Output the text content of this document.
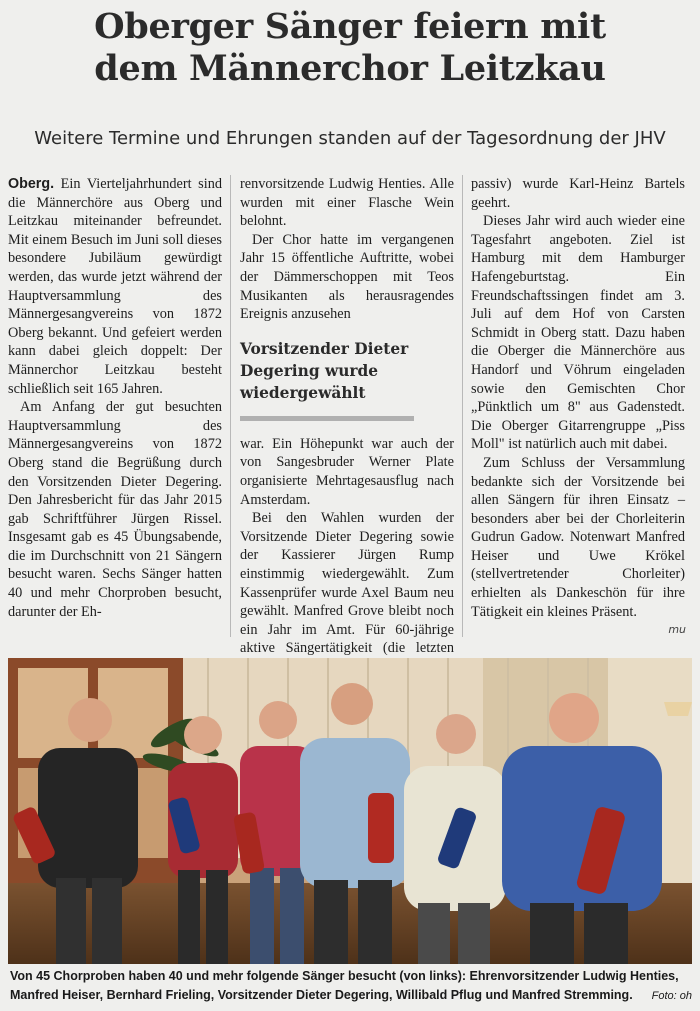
Oberger Sänger feiern mit
dem Männerchor Leitzkau
Weitere Termine und Ehrungen standen auf der Tagesordnung der JHV

Oberg. Ein Vierteljahrhundert sind die Männerchöre aus Oberg und Leitzkau miteinander befreundet. Mit einem Besuch im Juni soll dieses besondere Jubiläum gewürdigt werden, das wurde jetzt während der Hauptversammlung des Männergesangvereins von 1872 Oberg bekannt. Und gefeiert werden kann dabei gleich doppelt: Der Männerchor Leitzkau besteht schließlich seit 165 Jahren.

Am Anfang der gut besuchten Hauptversammlung des Männergesangvereins von 1872 Oberg stand die Begrüßung durch den Vorsitzenden Dieter Degering. Den Jahresbericht für das Jahr 2015 gab Schriftführer Jürgen Rissel. Insgesamt gab es 45 Übungsabende, die im Durchschnitt von 21 Sängern besucht waren. Sechs Sänger hatten 40 und mehr Chorproben besucht, darunter der Eh-

renvorsitzende Ludwig Henties. Alle wurden mit einer Flasche Wein belohnt.

Der Chor hatte im vergangenen Jahr 15 öffentliche Auftritte, wobei der Dämmerschoppen mit Teos Musikanten als herausragendes Ereignis anzusehen

Vorsitzender Dieter Degering wurde wiedergewählt

war. Ein Höhepunkt war auch der von Sangesbruder Werner Plate organisierte Mehrtagesausflug nach Amsterdam.

Bei den Wahlen wurden der Vorsitzende Dieter Degering sowie der Kassierer Jürgen Rump einstimmig wiedergewählt. Zum Kassenprüfer wurde Axel Baum neu gewählt. Manfred Grove bleibt noch ein Jahr im Amt. Für 60-jährige aktive Sängertätigkeit (die letzten

passiv) wurde Karl-Heinz Bartels geehrt.

Dieses Jahr wird auch wieder eine Tagesfahrt angeboten. Ziel ist Hamburg mit dem Hamburger Hafengeburtstag. Ein Freundschaftssingen findet am 3. Juli auf dem Hof von Carsten Schmidt in Oberg statt. Dazu haben die Oberger die Männerchöre aus Handorf und Vöhrum eingeladen sowie den Gemischten Chor „Pünktlich um 8" aus Gadenstedt. Die Oberger Gitarrengruppe „Piss Moll" ist natürlich auch mit dabei.

Zum Schluss der Versammlung bedankte sich der Vorsitzende bei allen Sängern für ihren Einsatz – besonders aber bei der Chorleiterin Gudrun Gadow. Notenwart Manfred Heiser und Uwe Krökel (stellvertretender Chorleiter) erhielten als Dankeschön für ihre Tätigkeit ein kleines Präsent.

mu
Von 45 Chorproben haben 40 und mehr folgende Sänger besucht (von links): Ehrenvorsitzender Ludwig Henties, Manfred Heiser, Bernhard Frieling, Vorsitzender Dieter Degering, Willibald Pflug und Manfred Stremming. Foto: oh
